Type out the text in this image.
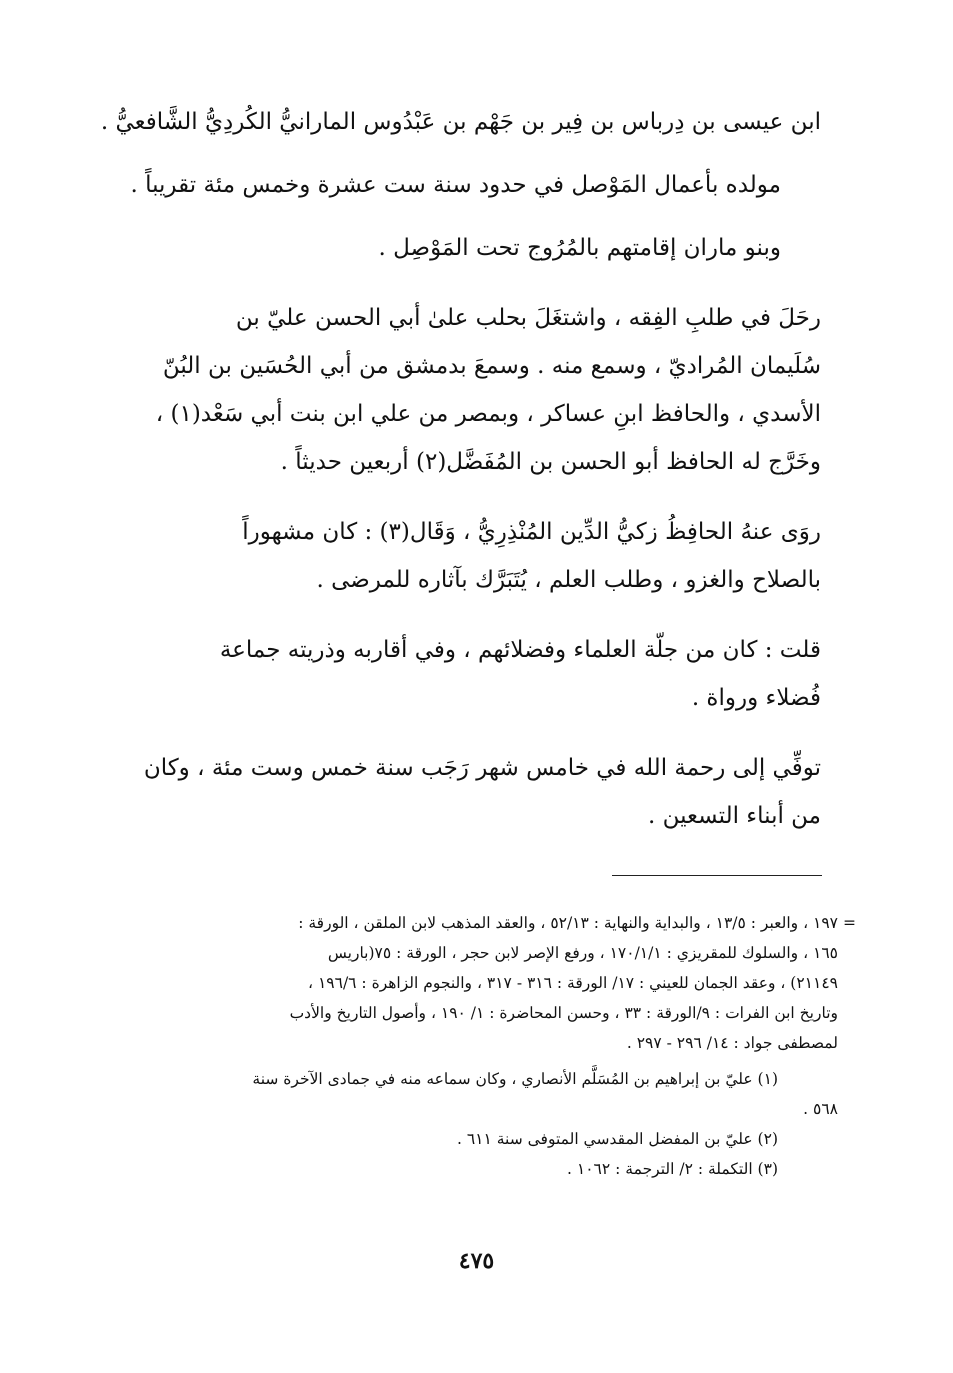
ابن عيسى بن دِرباس بن فِير بن جَهْم بن عَبْدُوس المارانيُّ الكُردِيُّ الشَّافعيُّ .

مولده بأعمال المَوْصل في حدود سنة ست عشرة وخمس مئة تقريباً .

وبنو ماران إقامتهم بالمُرُوج تحت المَوْصِل .

رحَلَ في طلبِ الفِقه ، واشتغَلَ بحلب علىٰ أبي الحسن عليّ بن
سُلَيمان المُراديّ ، وسمع منه . وسمعَ بدمشق من أبي الحُسَين بن البُنّ
الأسدي ، والحافظ ابنِ عساكر ، وبمصر من علي ابن بنت أبي سَعْد(١) ،
وخَرَّج له الحافظ أبو الحسن بن المُفَضَّل(٢) أربعين حديثاً .

روَى عنهُ الحافِظُ زكيُّ الدِّين المُنْذِرِيُّ ، وَقَال(٣) : كان مشهوراً
بالصلاح والغزو ، وطلب العلم ، يُتَبَرَّك بآثاره للمرضى .

قلت : كان من جلّة العلماء وفضلائهم ، وفي أقاربه وذريته جماعة
فُضلاء ورواة .

توفِّي إلى رحمة الله في خامس شهر رَجَب سنة خمس وست مئة ، وكان
من أبناء التسعين .

=
١٩٧ ، والعبر : ١٣/٥ ، والبداية والنهاية : ٥٢/١٣ ، والعقد المذهب لابن الملقن ، الورقة :
١٦٥ ، والسلوك للمقريزي : ١٧٠/١/١ ، ورفع الإصر لابن حجر ، الورقة : ٧٥(باريس
٢١١٤٩) ، وعقد الجمان للعيني : ١٧/ الورقة : ٣١٦ - ٣١٧ ، والنجوم الزاهرة : ١٩٦/٦ ،
وتاريخ ابن الفرات : ٩/الورقة : ٣٣ ، وحسن المحاضرة : ١/ ١٩٠ ، وأصول التاريخ والأدب
لمصطفى جواد : ١٤/ ٢٩٦ - ٢٩٧ .
(١) عليّ بن إبراهيم بن المُسَلَّم الأنصاري ، وكان سماعه منه في جمادى الآخرة سنة
٥٦٨ .
(٢) عليّ بن المفضل المقدسي المتوفى سنة ٦١١ .
(٣) التكملة : ٢/ الترجمة : ١٠٦٢ .
٤٧٥
